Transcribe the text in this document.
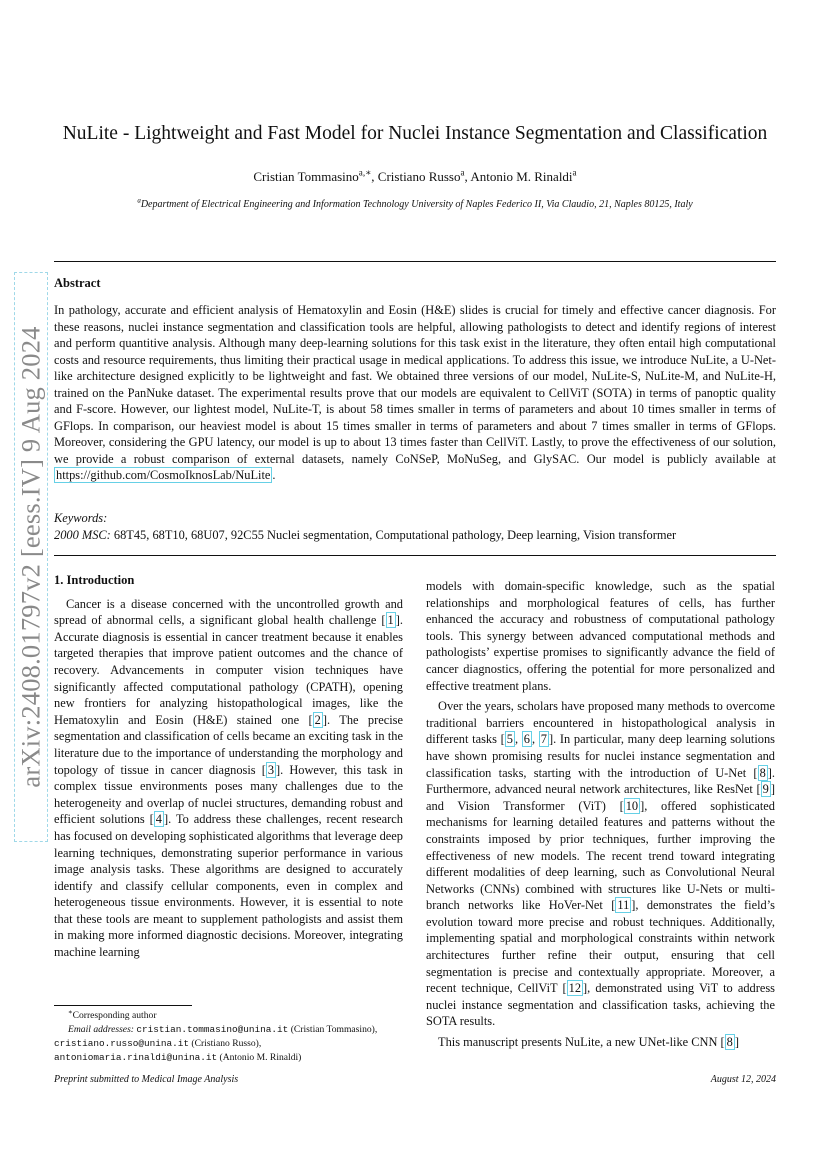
arXiv:2408.01797v2 [eess.IV] 9 Aug 2024
NuLite - Lightweight and Fast Model for Nuclei Instance Segmentation and Classification
Cristian Tommasino$^{a,∗}$, Cristiano Russo$^a$, Antonio M. Rinaldi$^a$
$^a$Department of Electrical Engineering and Information Technology University of Naples Federico II, Via Claudio, 21, Naples 80125, Italy
Abstract
In pathology, accurate and efficient analysis of Hematoxylin and Eosin (H&E) slides is crucial for timely and effective cancer diagnosis. For these reasons, nuclei instance segmentation and classification tools are helpful, allowing pathologists to detect and identify regions of interest and perform quantitive analysis. Although many deep-learning solutions for this task exist in the literature, they often entail high computational costs and resource requirements, thus limiting their practical usage in medical applications. To address this issue, we introduce NuLite, a U-Net-like architecture designed explicitly to be lightweight and fast. We obtained three versions of our model, NuLite-S, NuLite-M, and NuLite-H, trained on the PanNuke dataset. The experimental results prove that our models are equivalent to CellViT (SOTA) in terms of panoptic quality and F-score. However, our lightest model, NuLite-T, is about 58 times smaller in terms of parameters and about 10 times smaller in terms of GFlops. In comparison, our heaviest model is about 15 times smaller in terms of parameters and about 7 times smaller in terms of GFlops. Moreover, considering the GPU latency, our model is up to about 13 times faster than CellViT. Lastly, to prove the effectiveness of our solution, we provide a robust comparison of external datasets, namely CoNSeP, MoNuSeg, and GlySAC. Our model is publicly available at https://github.com/CosmoIknosLab/NuLite .
Keywords:
2000 MSC: 68T45, 68T10, 68U07, 92C55 Nuclei segmentation, Computational pathology, Deep learning, Vision transformer
1. Introduction

Cancer is a disease concerned with the uncontrolled growth and spread of abnormal cells, a significant global health challenge [ 1 ]. Accurate diagnosis is essential in cancer treatment because it enables targeted therapies that improve patient outcomes and the chance of recovery. Advancements in computer vision techniques have significantly affected computational pathology (CPATH), opening new frontiers for analyzing histopathological images, like the Hematoxylin and Eosin (H&E) stained one [ 2 ]. The precise segmentation and classification of cells became an exciting task in the literature due to the importance of understanding the morphology and topology of tissue in cancer diagnosis [ 3 ]. However, this task in complex tissue environments poses many challenges due to the heterogeneity and overlap of nuclei structures, demanding robust and efficient solutions [ 4 ]. To address these challenges, recent research has focused on developing sophisticated algorithms that leverage deep learning techniques, demonstrating superior performance in various image analysis tasks. These algorithms are designed to accurately identify and classify cellular components, even in complex and heterogeneous tissue environments. However, it is essential to note that these tools are meant to supplement pathologists and assist them in making more informed diagnostic decisions. Moreover, integrating machine learning

models with domain-specific knowledge, such as the spatial relationships and morphological features of cells, has further enhanced the accuracy and robustness of computational pathology tools. This synergy between advanced computational methods and pathologists’ expertise promises to significantly advance the field of cancer diagnostics, offering the potential for more personalized and effective treatment plans.

Over the years, scholars have proposed many methods to overcome traditional barriers encountered in histopathological analysis in different tasks [ 5 , 6 , 7 ]. In particular, many deep learning solutions have shown promising results for nuclei instance segmentation and classification tasks, starting with the introduction of U-Net [ 8 ]. Furthermore, advanced neural network architectures, like ResNet [ 9 ] and Vision Transformer (ViT) [ 10 ], offered sophisticated mechanisms for learning detailed features and patterns without the constraints imposed by prior techniques, further improving the effectiveness of new models. The recent trend toward integrating different modalities of deep learning, such as Convolutional Neural Networks (CNNs) combined with structures like U-Nets or multi-branch networks like HoVer-Net [ 11 ], demonstrates the field’s evolution toward more precise and robust techniques. Additionally, implementing spatial and morphological constraints within network architectures further refine their output, ensuring that cell segmentation is precise and contextually appropriate. Moreover, a recent technique, CellViT [ 12 ], demonstrated using ViT to address nuclei instance segmentation and classification tasks, achieving the SOTA results.

This manuscript presents NuLite, a new UNet-like CNN [ 8 ]

∗Corresponding author

Email addresses: cristian.tommasino@unina.it (Cristian Tommasino), cristiano.russo@unina.it (Cristiano Russo), antoniomaria.rinaldi@unina.it (Antonio M. Rinaldi)

Preprint submitted to Medical Image Analysis	August 12, 2024
